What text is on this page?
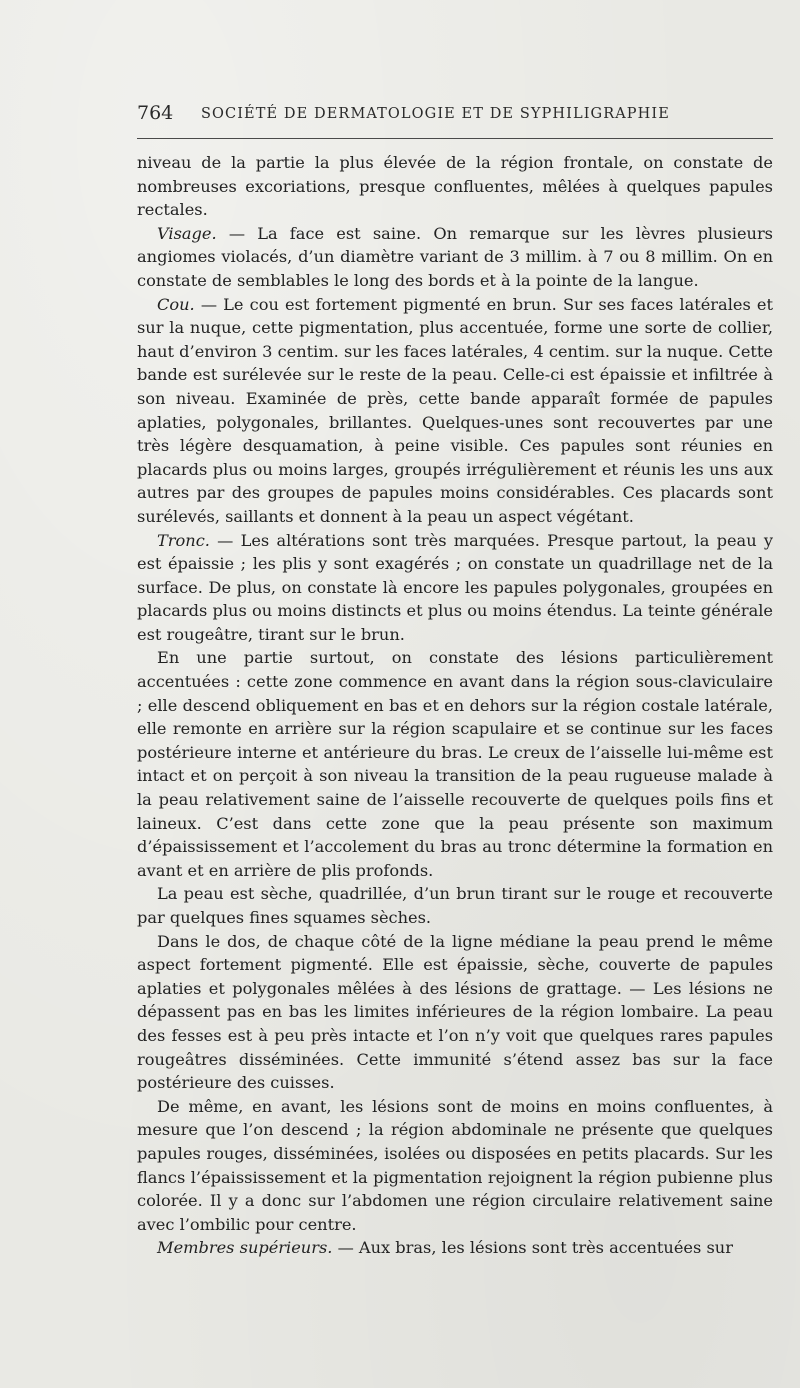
764 SOCIÉTÉ DE DERMATOLOGIE ET DE SYPHILIGRAPHIE

niveau de la partie la plus élevée de la région frontale, on constate de nombreuses excoriations, presque confluentes, mêlées à quelques papules rectales.

Visage. — La face est saine. On remarque sur les lèvres plusieurs angiomes violacés, d’un diamètre variant de 3 millim. à 7 ou 8 millim. On en constate de semblables le long des bords et à la pointe de la langue.

Cou. — Le cou est fortement pigmenté en brun. Sur ses faces latérales et sur la nuque, cette pigmentation, plus accentuée, forme une sorte de collier, haut d’environ 3 centim. sur les faces latérales, 4 centim. sur la nuque. Cette bande est surélevée sur le reste de la peau. Celle-ci est épaissie et infiltrée à son niveau. Examinée de près, cette bande apparaît formée de papules aplaties, polygonales, brillantes. Quelques-unes sont recouvertes par une très légère desquamation, à peine visible. Ces papules sont réunies en placards plus ou moins larges, groupés irrégulièrement et réunis les uns aux autres par des groupes de papules moins considérables. Ces placards sont surélevés, saillants et donnent à la peau un aspect végétant.

Tronc. — Les altérations sont très marquées. Presque partout, la peau y est épaissie ; les plis y sont exagérés ; on constate un quadrillage net de la surface. De plus, on constate là encore les papules polygonales, groupées en placards plus ou moins distincts et plus ou moins étendus. La teinte générale est rougeâtre, tirant sur le brun.

En une partie surtout, on constate des lésions particulièrement accentuées : cette zone commence en avant dans la région sous-claviculaire ; elle descend obliquement en bas et en dehors sur la région costale latérale, elle remonte en arrière sur la région scapulaire et se continue sur les faces postérieure interne et antérieure du bras. Le creux de l’aisselle lui-même est intact et on perçoit à son niveau la transition de la peau rugueuse malade à la peau relativement saine de l’aisselle recouverte de quelques poils fins et laineux. C’est dans cette zone que la peau présente son maximum d’épaississement et l’accolement du bras au tronc détermine la formation en avant et en arrière de plis profonds.

La peau est sèche, quadrillée, d’un brun tirant sur le rouge et recouverte par quelques fines squames sèches.

Dans le dos, de chaque côté de la ligne médiane la peau prend le même aspect fortement pigmenté. Elle est épaissie, sèche, couverte de papules aplaties et polygonales mêlées à des lésions de grattage. — Les lésions ne dépassent pas en bas les limites inférieures de la région lombaire. La peau des fesses est à peu près intacte et l’on n’y voit que quelques rares papules rougeâtres disséminées. Cette immunité s’étend assez bas sur la face postérieure des cuisses.

De même, en avant, les lésions sont de moins en moins confluentes, à mesure que l’on descend ; la région abdominale ne présente que quelques papules rouges, disséminées, isolées ou disposées en petits placards. Sur les flancs l’épaississement et la pigmentation rejoignent la région pubienne plus colorée. Il y a donc sur l’abdomen une région circulaire relativement saine avec l’ombilic pour centre.

Membres supérieurs. — Aux bras, les lésions sont très accentuées sur
